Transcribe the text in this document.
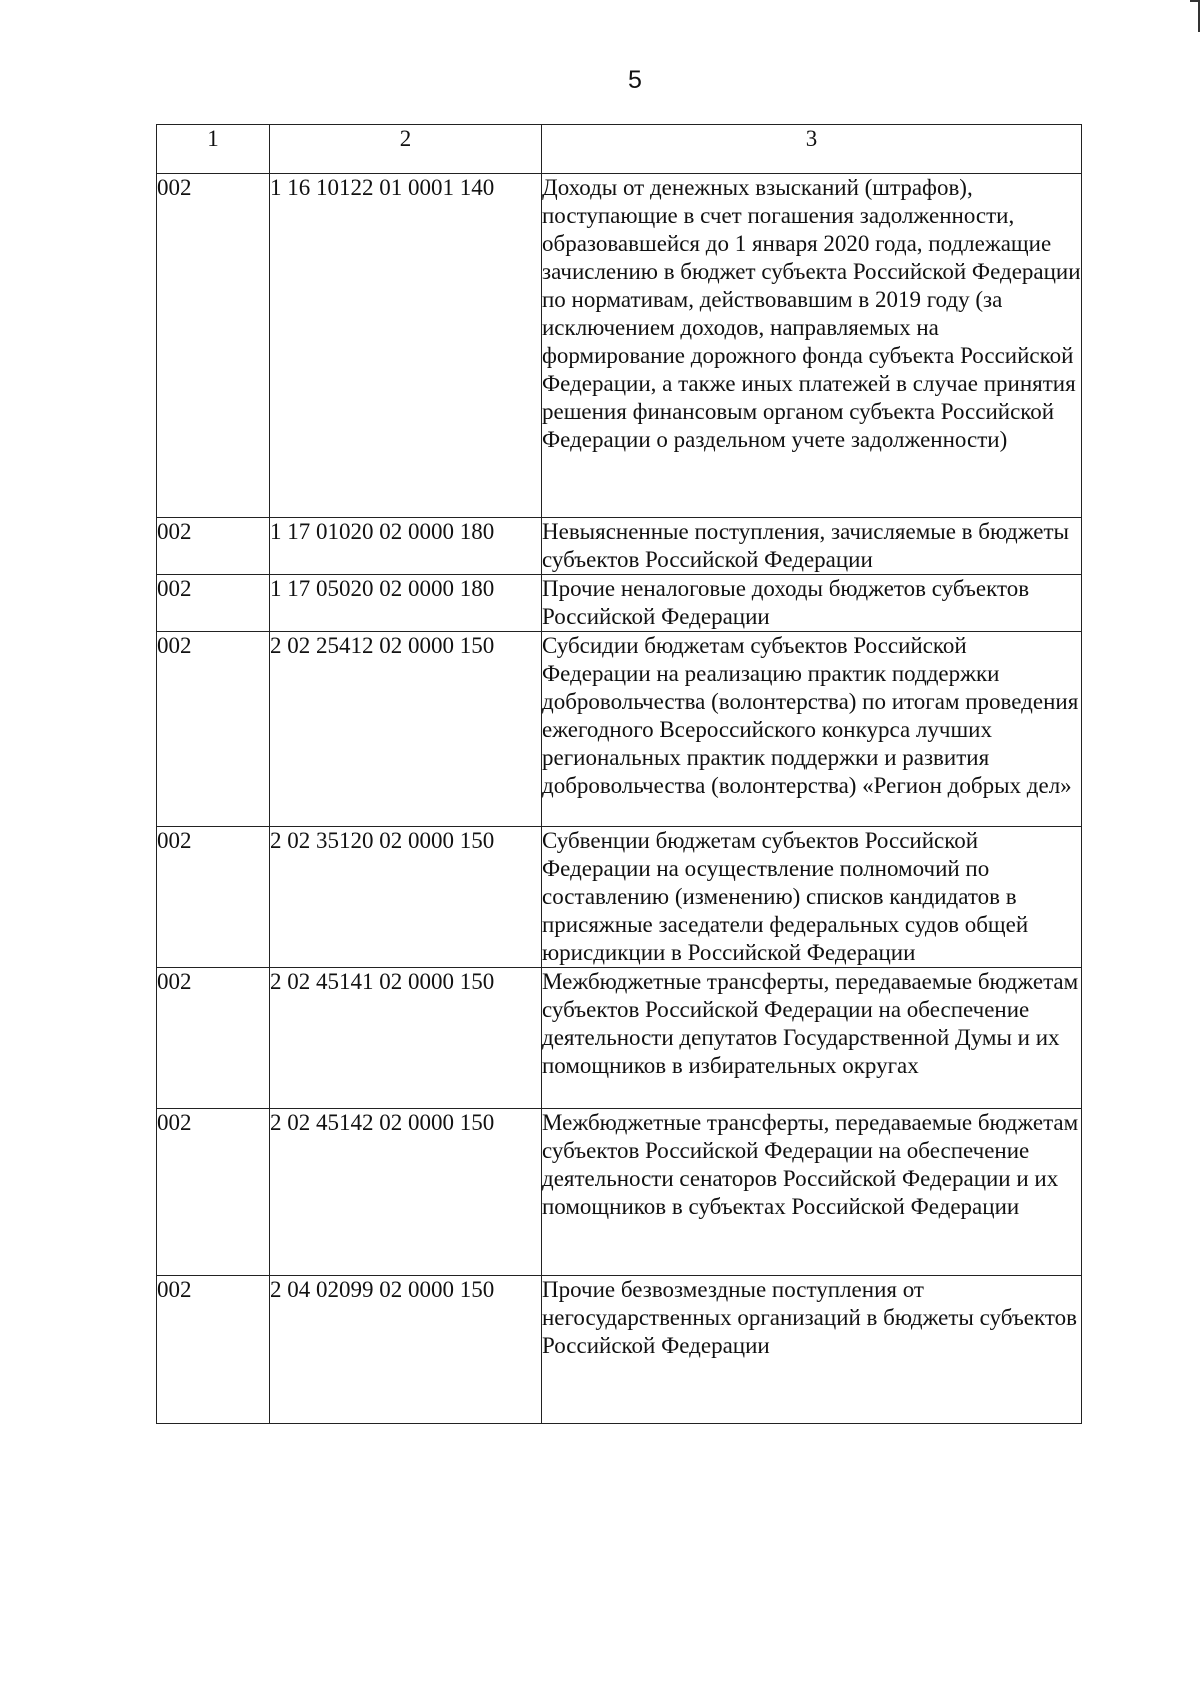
5
1	2	3
002	1 16 10122 01 0001 140	Доходы от денежных взысканий (штрафов), поступающие в счет погашения задолженности, образовавшейся до 1 января 2020 года, подлежащие зачислению в бюджет субъекта Российской Федерации по нормативам, действовавшим в 2019 году (за исключением доходов, направляемых на формирование дорожного фонда субъекта Российской Федерации, а также иных платежей в случае принятия решения финансовым органом субъекта Российской Федерации о раздельном учете задолженности)
002	1 17 01020 02 0000 180	Невыясненные поступления, зачисляемые в бюджеты субъектов Российской Федерации
002	1 17 05020 02 0000 180	Прочие неналоговые доходы бюджетов субъектов Российской Федерации
002	2 02 25412 02 0000 150	Субсидии бюджетам субъектов Российской Федерации на реализацию практик поддержки добровольчества (волонтерства) по итогам проведения ежегодного Всероссийского конкурса лучших региональных практик поддержки и развития добровольчества (волонтерства) «Регион добрых дел»
002	2 02 35120 02 0000 150	Субвенции бюджетам субъектов Российской Федерации на осуществление полномочий по составлению (изменению) списков кандидатов в присяжные заседатели федеральных судов общей юрисдикции в Российской Федерации
002	2 02 45141 02 0000 150	Межбюджетные трансферты, передаваемые бюджетам субъектов Российской Федерации на обеспечение деятельности депутатов Государственной Думы и их помощников в избирательных округах
002	2 02 45142 02 0000 150	Межбюджетные трансферты, передаваемые бюджетам субъектов Российской Федерации на обеспечение деятельности сенаторов Российской Федерации и их помощников в субъектах Российской Федерации
002	2 04 02099 02 0000 150	Прочие безвозмездные поступления от негосударственных организаций в бюджеты субъектов Российской Федерации
